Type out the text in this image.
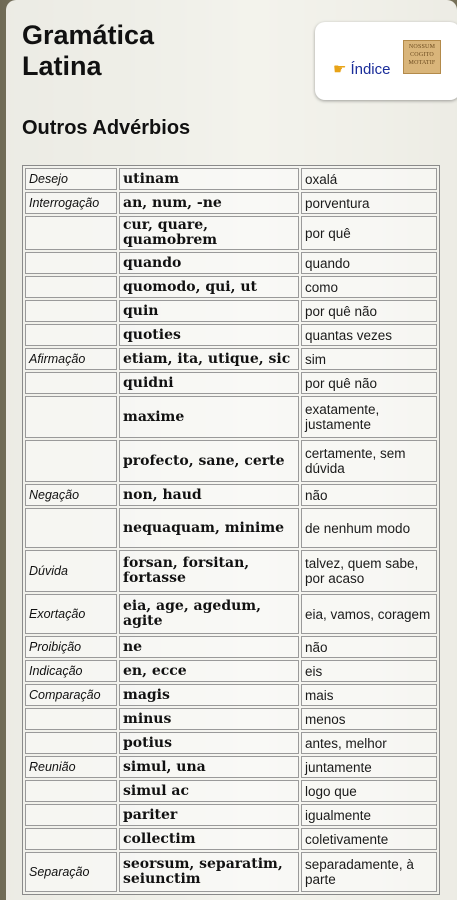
Gramática
Latina	☛ Índice
NOSSUM
COGITO
MOTATIF
Outros Advérbios
Desejo	utinam	oxalá
Interrogação	an, num, -ne	porventura
	cur, quare, quamobrem	por quê
	quando	quando
	quomodo, qui, ut	como
	quin	por quê não
	quoties	quantas vezes
Afirmação	etiam, ita, utique, sic	sim
	quidni	por quê não
	maxime	exatamente, justamente
	profecto, sane, certe	certamente, sem dúvida
Negação	non, haud	não
	nequaquam, minime	de nenhum modo
Dúvida	forsan, forsitan, fortasse	talvez, quem sabe, por acaso
Exortação	eia, age, agedum, agite	eia, vamos, coragem
Proibição	ne	não
Indicação	en, ecce	eis
Comparação	magis	mais
	minus	menos
	potius	antes, melhor
Reunião	simul, una	juntamente
	simul ac	logo que
	pariter	igualmente
	collectim	coletivamente
Separação	seorsum, separatim, seiunctim	separadamente, à parte
